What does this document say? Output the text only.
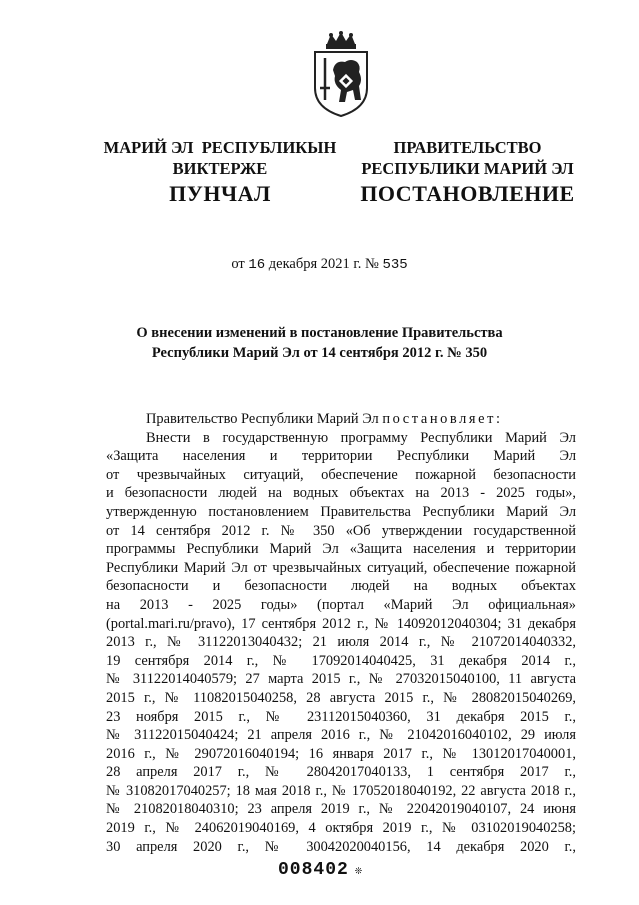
МАРИЙ ЭЛ  РЕСПУБЛИКЫН
ВИКТЕРЖЕ
ПУНЧАЛ
ПРАВИТЕЛЬСТВО
РЕСПУБЛИКИ МАРИЙ ЭЛ
ПОСТАНОВЛЕНИЕ
от 16 декабря 2021 г. № 535
О внесении изменений в постановление Правительства
Республики Марий Эл от 14 сентября 2012 г. № 350

Правительство Республики Марий Эл постановляет:

Внести в государственную программу Республики Марий Эл

«Защита населения и территории Республики Марий Эл

от чрезвычайных ситуаций, обеспечение пожарной безопасности

и безопасности людей на водных объектах на 2013 - 2025 годы»,

утвержденную постановлением Правительства Республики Марий Эл

от 14 сентября 2012 г. № 350 «Об утверждении государственной

программы Республики Марий Эл «Защита населения и территории

Республики Марий Эл от чрезвычайных ситуаций, обеспечение пожарной

безопасности и безопасности людей на водных объектах

на 2013 - 2025 годы» (портал «Марий Эл официальная»

(portal.mari.ru/pravo), 17 сентября 2012 г., № 14092012040304; 31 декабря

2013 г., № 31122013040432; 21 июля 2014 г., № 21072014040332,

19 сентября 2014 г., № 17092014040425, 31 декабря 2014 г.,

№ 31122014040579; 27 марта 2015 г., № 27032015040100, 11 августа

2015 г., № 11082015040258, 28 августа 2015 г., № 28082015040269,

23 ноября 2015 г., № 23112015040360, 31 декабря 2015 г.,

№ 31122015040424; 21 апреля 2016 г., № 21042016040102, 29 июля

2016 г., № 29072016040194; 16 января 2017 г., № 13012017040001,

28 апреля 2017 г., № 28042017040133, 1 сентября 2017 г.,

№ 31082017040257; 18 мая 2018 г., № 17052018040192, 22 августа 2018 г.,

№ 21082018040310; 23 апреля 2019 г., № 22042019040107, 24 июня

2019 г., № 24062019040169, 4 октября 2019 г., № 03102019040258;

30 апреля 2020 г., № 30042020040156, 14 декабря 2020 г.,

008402 ❊
